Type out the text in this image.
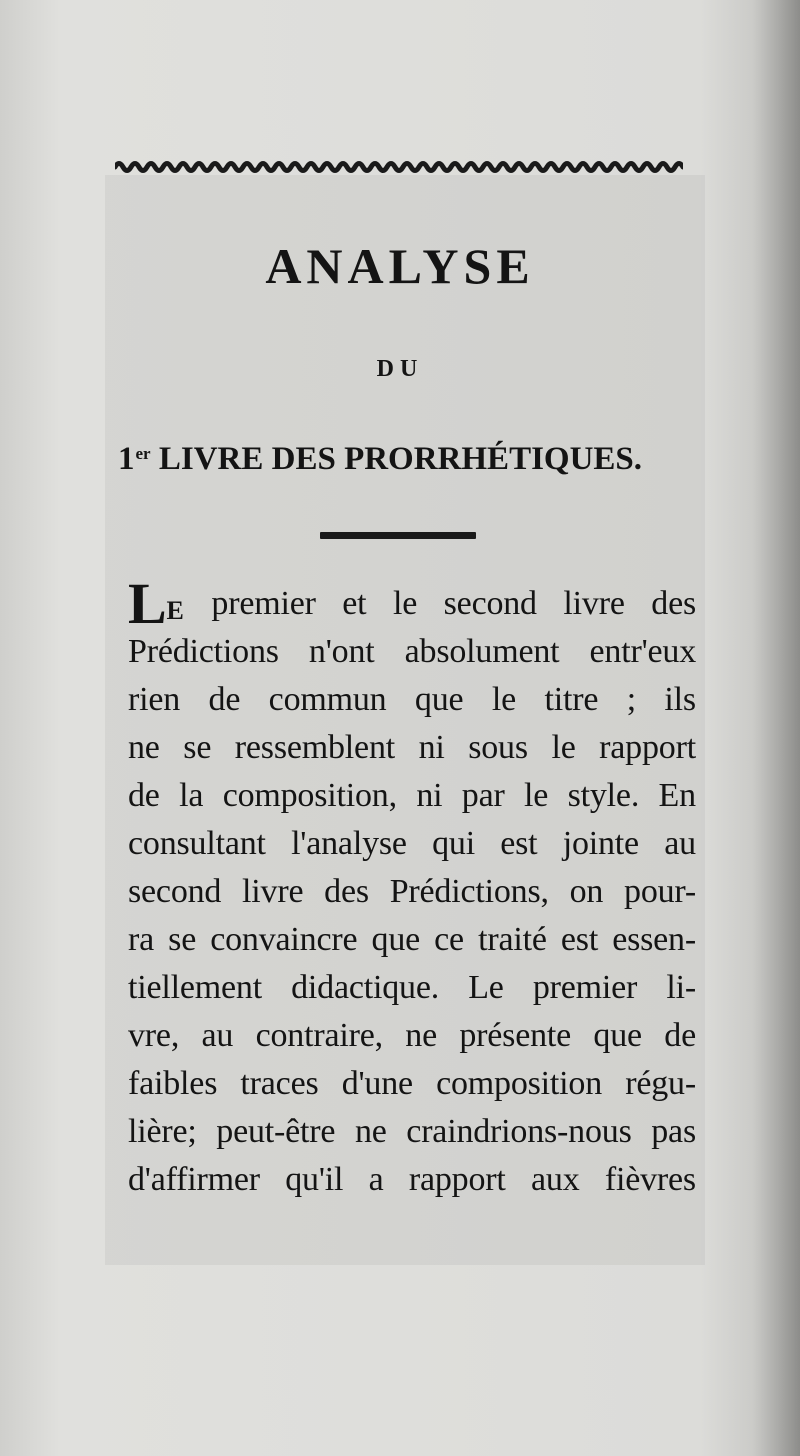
ANALYSE
DU
1er LIVRE DES PRORRHÉTIQUES.
LE premier et le second livre des
Prédictions n'ont absolument entr'eux
rien de commun que le titre ; ils
ne se ressemblent ni sous le rapport
de la composition, ni par le style. En
consultant l'analyse qui est jointe au
second livre des Prédictions, on pour-
ra se convaincre que ce traité est essen-
tiellement didactique. Le premier li-
vre, au contraire, ne présente que de
faibles traces d'une composition régu-
lière; peut-être ne craindrions-nous pas
d'affirmer qu'il a rapport aux fièvres
